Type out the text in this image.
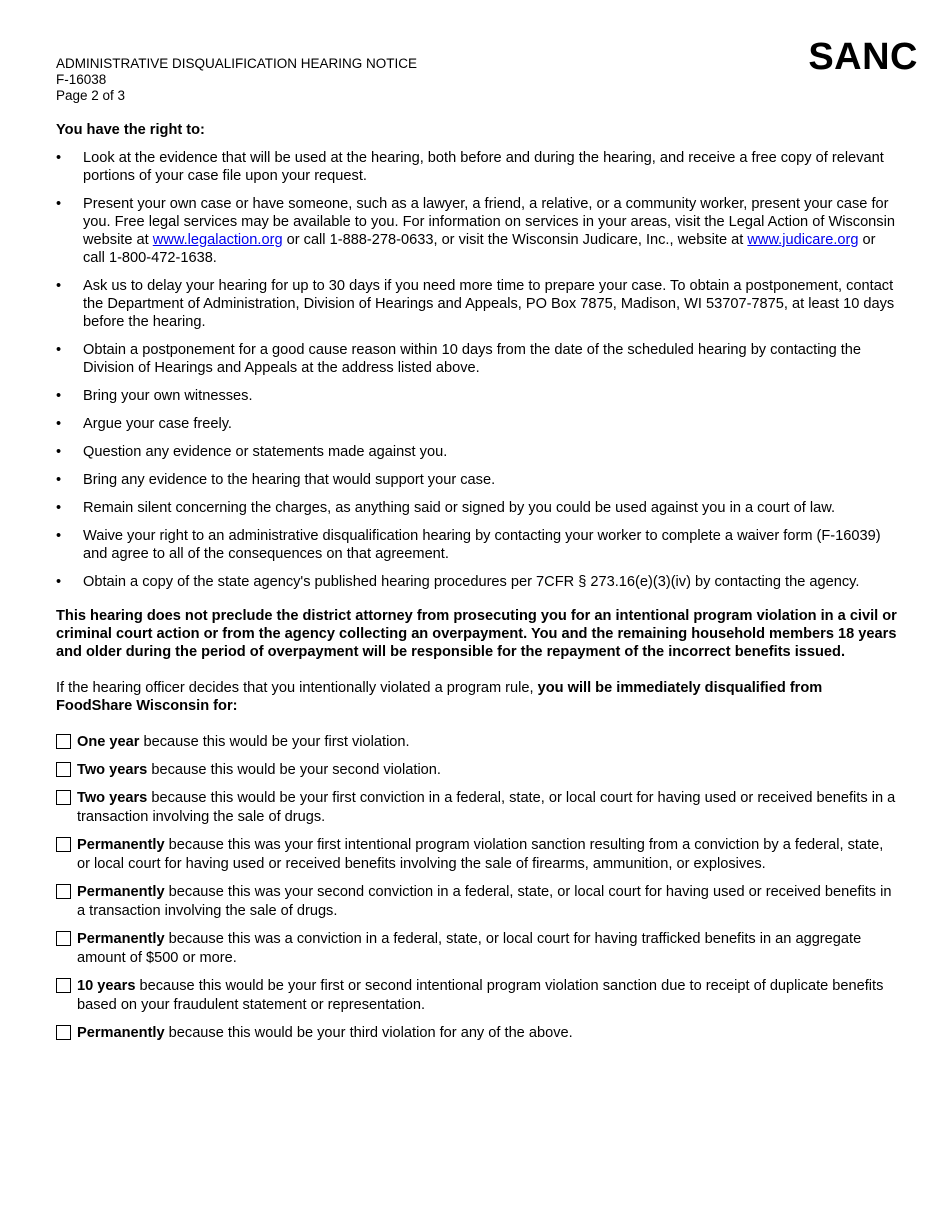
ADMINISTRATIVE DISQUALIFICATION HEARING NOTICE
F-16038
Page 2 of 3
SANC
You have the right to:
• Look at the evidence that will be used at the hearing, both before and during the hearing, and receive a free copy of relevant portions of your case file upon your request.
• Present your own case or have someone, such as a lawyer, a friend, a relative, or a community worker, present your case for you. Free legal services may be available to you. For information on services in your areas, visit the Legal Action of Wisconsin website at www.legalaction.org or call 1-888-278-0633, or visit the Wisconsin Judicare, Inc., website at www.judicare.org or call 1-800-472-1638.
• Ask us to delay your hearing for up to 30 days if you need more time to prepare your case. To obtain a postponement, contact the Department of Administration, Division of Hearings and Appeals, PO Box 7875, Madison, WI 53707-7875, at least 10 days before the hearing.
• Obtain a postponement for a good cause reason within 10 days from the date of the scheduled hearing by contacting the Division of Hearings and Appeals at the address listed above.
• Bring your own witnesses.
• Argue your case freely.
• Question any evidence or statements made against you.
• Bring any evidence to the hearing that would support your case.
• Remain silent concerning the charges, as anything said or signed by you could be used against you in a court of law.
• Waive your right to an administrative disqualification hearing by contacting your worker to complete a waiver form (F-16039) and agree to all of the consequences on that agreement.
• Obtain a copy of the state agency's published hearing procedures per 7CFR § 273.16(e)(3)(iv) by contacting the agency.

This hearing does not preclude the district attorney from prosecuting you for an intentional program violation in a civil or criminal court action or from the agency collecting an overpayment. You and the remaining household members 18 years and older during the period of overpayment will be responsible for the repayment of the incorrect benefits issued.

If the hearing officer decides that you intentionally violated a program rule, you will be immediately disqualified from FoodShare Wisconsin for:

One year because this would be your first violation.
Two years because this would be your second violation.
Two years because this would be your first conviction in a federal, state, or local court for having used or received benefits in a transaction involving the sale of drugs.
Permanently because this was your first intentional program violation sanction resulting from a conviction by a federal, state, or local court for having used or received benefits involving the sale of firearms, ammunition, or explosives.
Permanently because this was your second conviction in a federal, state, or local court for having used or received benefits in a transaction involving the sale of drugs.
Permanently because this was a conviction in a federal, state, or local court for having trafficked benefits in an aggregate amount of $500 or more.
10 years because this would be your first or second intentional program violation sanction due to receipt of duplicate benefits based on your fraudulent statement or representation.
Permanently because this would be your third violation for any of the above.
